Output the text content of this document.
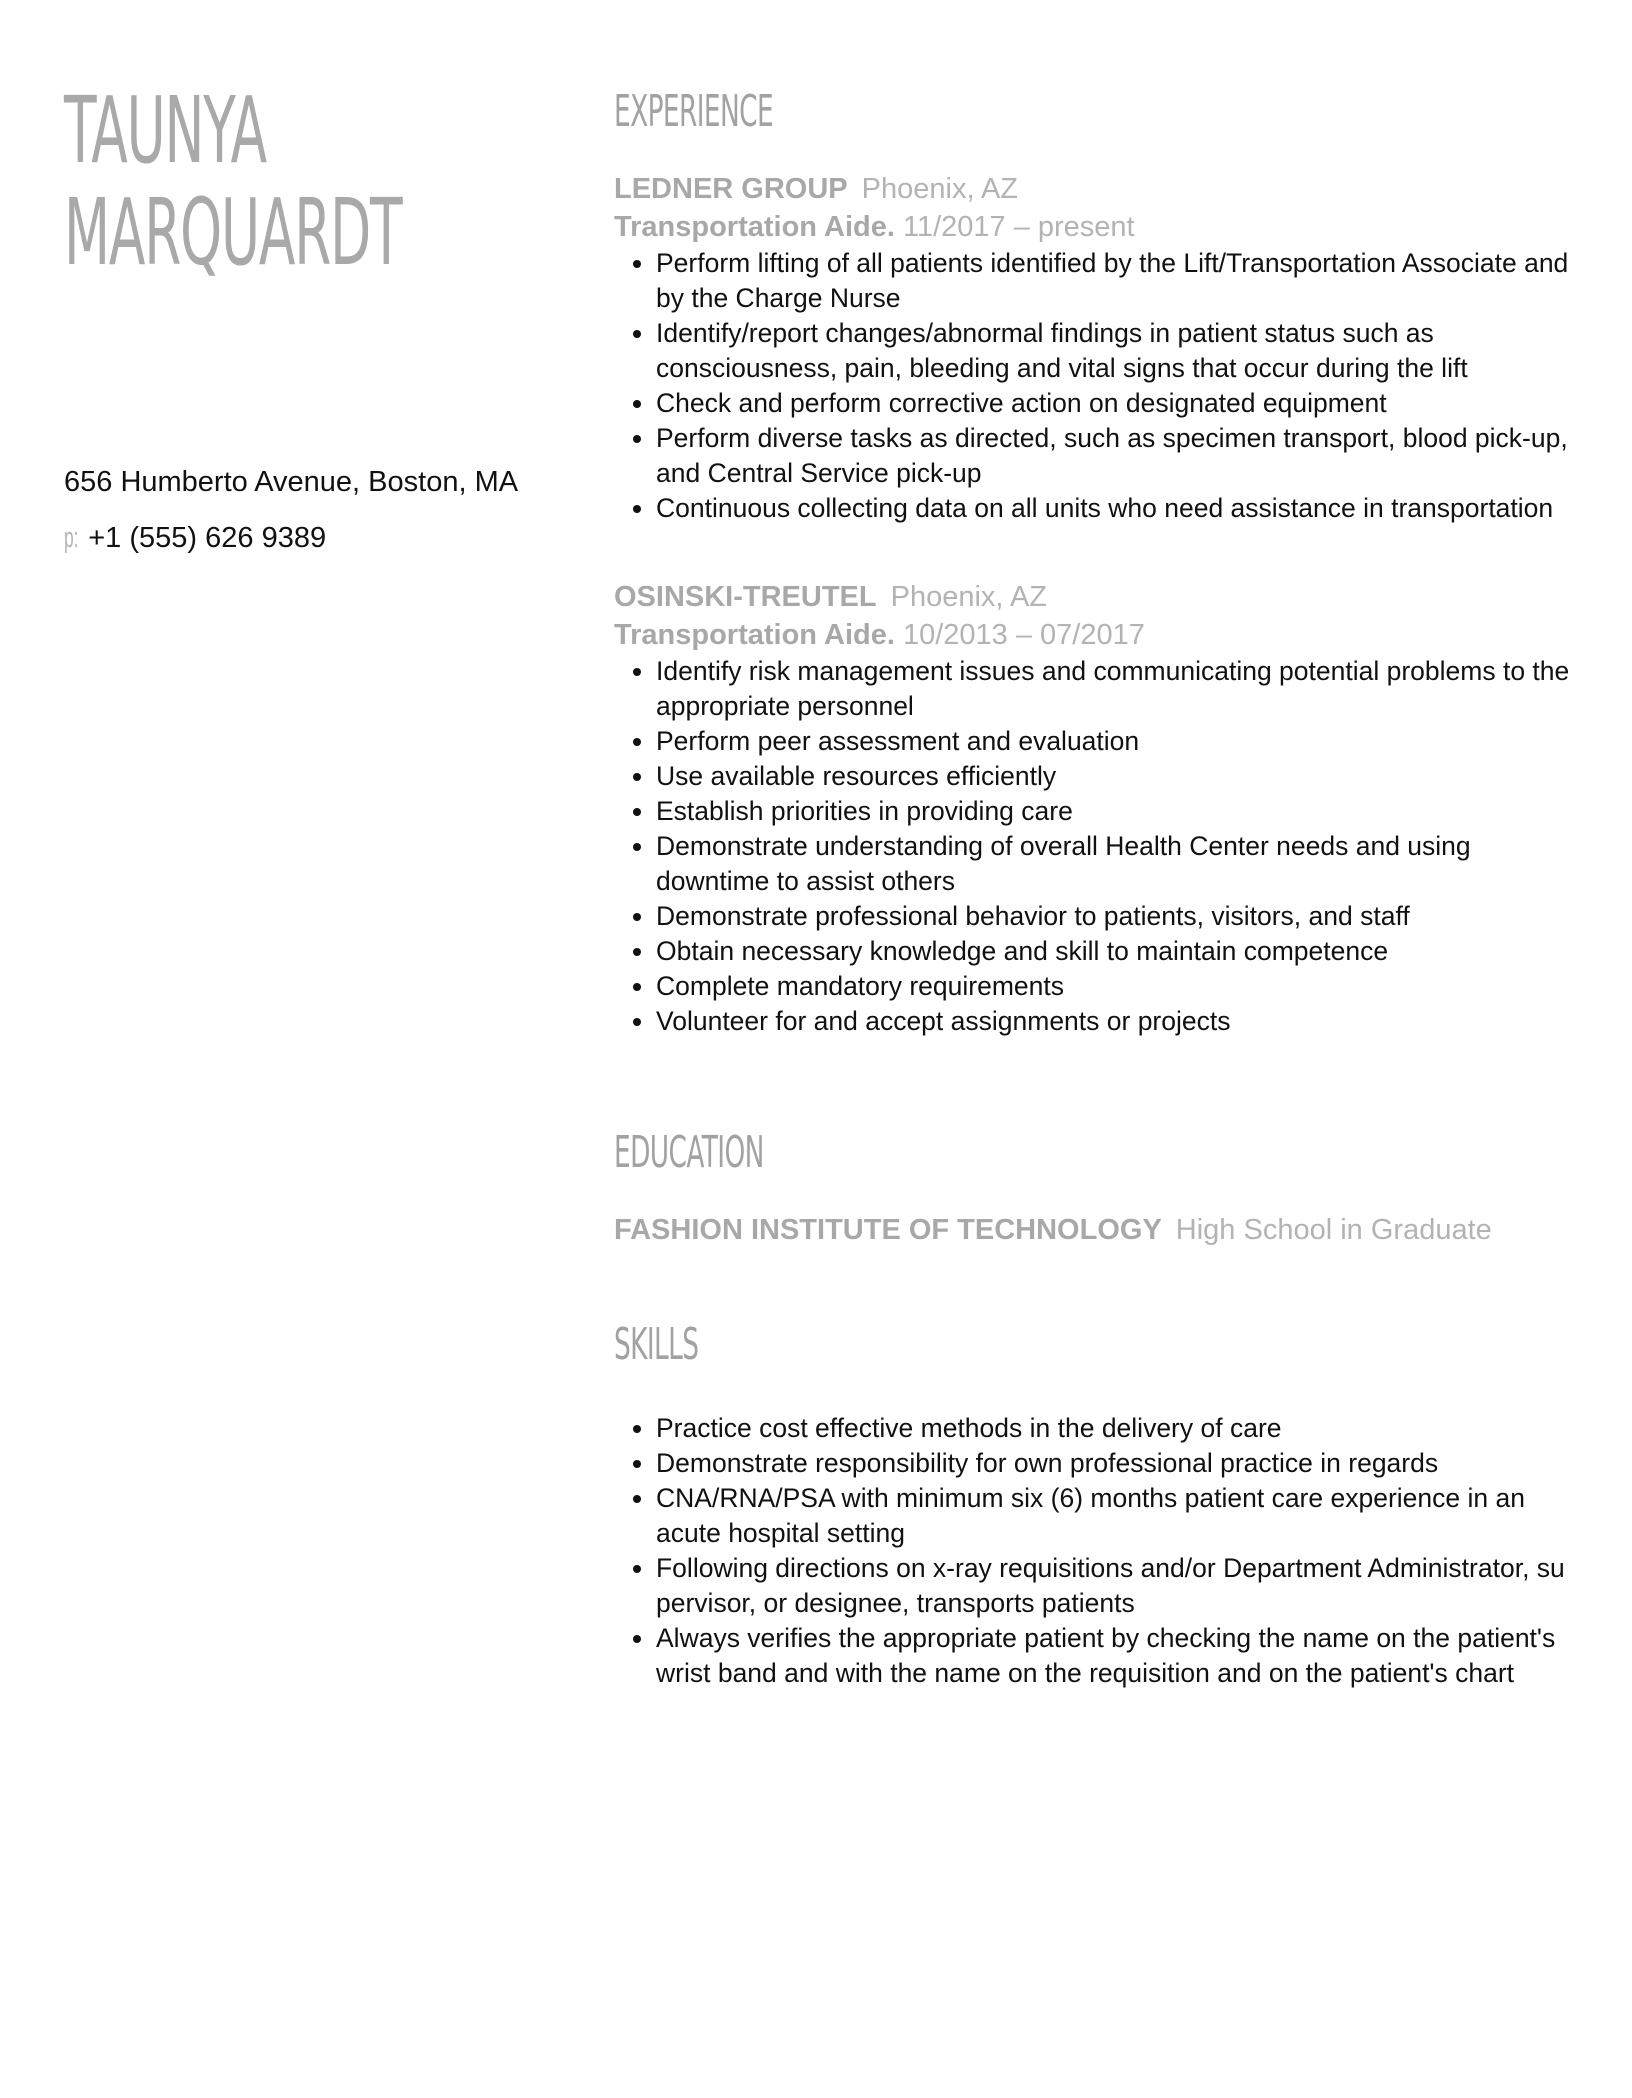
TAUNYA
MARQUARDT
656 Humberto Avenue, Boston, MA
p: +1 (555) 626 9389
EXPERIENCE
LEDNER GROUP Phoenix, AZ
Transportation Aide. 11/2017 – present
Perform lifting of all patients identified by the Lift/Transportation Associate and by the Charge Nurse
Identify/report changes/abnormal findings in patient status such as consciousness, pain, bleeding and vital signs that occur during the lift
Check and perform corrective action on designated equipment
Perform diverse tasks as directed, such as specimen transport, blood pick-up, and Central Service pick-up
Continuous collecting data on all units who need assistance in transportation
OSINSKI-TREUTEL Phoenix, AZ
Transportation Aide. 10/2013 – 07/2017
Identify risk management issues and communicating potential problems to the appropriate personnel
Perform peer assessment and evaluation
Use available resources efficiently
Establish priorities in providing care
Demonstrate understanding of overall Health Center needs and using downtime to assist others
Demonstrate professional behavior to patients, visitors, and staff
Obtain necessary knowledge and skill to maintain competence
Complete mandatory requirements
Volunteer for and accept assignments or projects
EDUCATION
FASHION INSTITUTE OF TECHNOLOGY High School in Graduate
SKILLS
Practice cost effective methods in the delivery of care
Demonstrate responsibility for own professional practice in regards
CNA/RNA/PSA with minimum six (6) months patient care experience in an acute hospital setting
Following directions on x-ray requisitions and/or Department Administrator, su pervisor, or designee, transports patients
Always verifies the appropriate patient by checking the name on the patient's wrist band and with the name on the requisition and on the patient's chart
